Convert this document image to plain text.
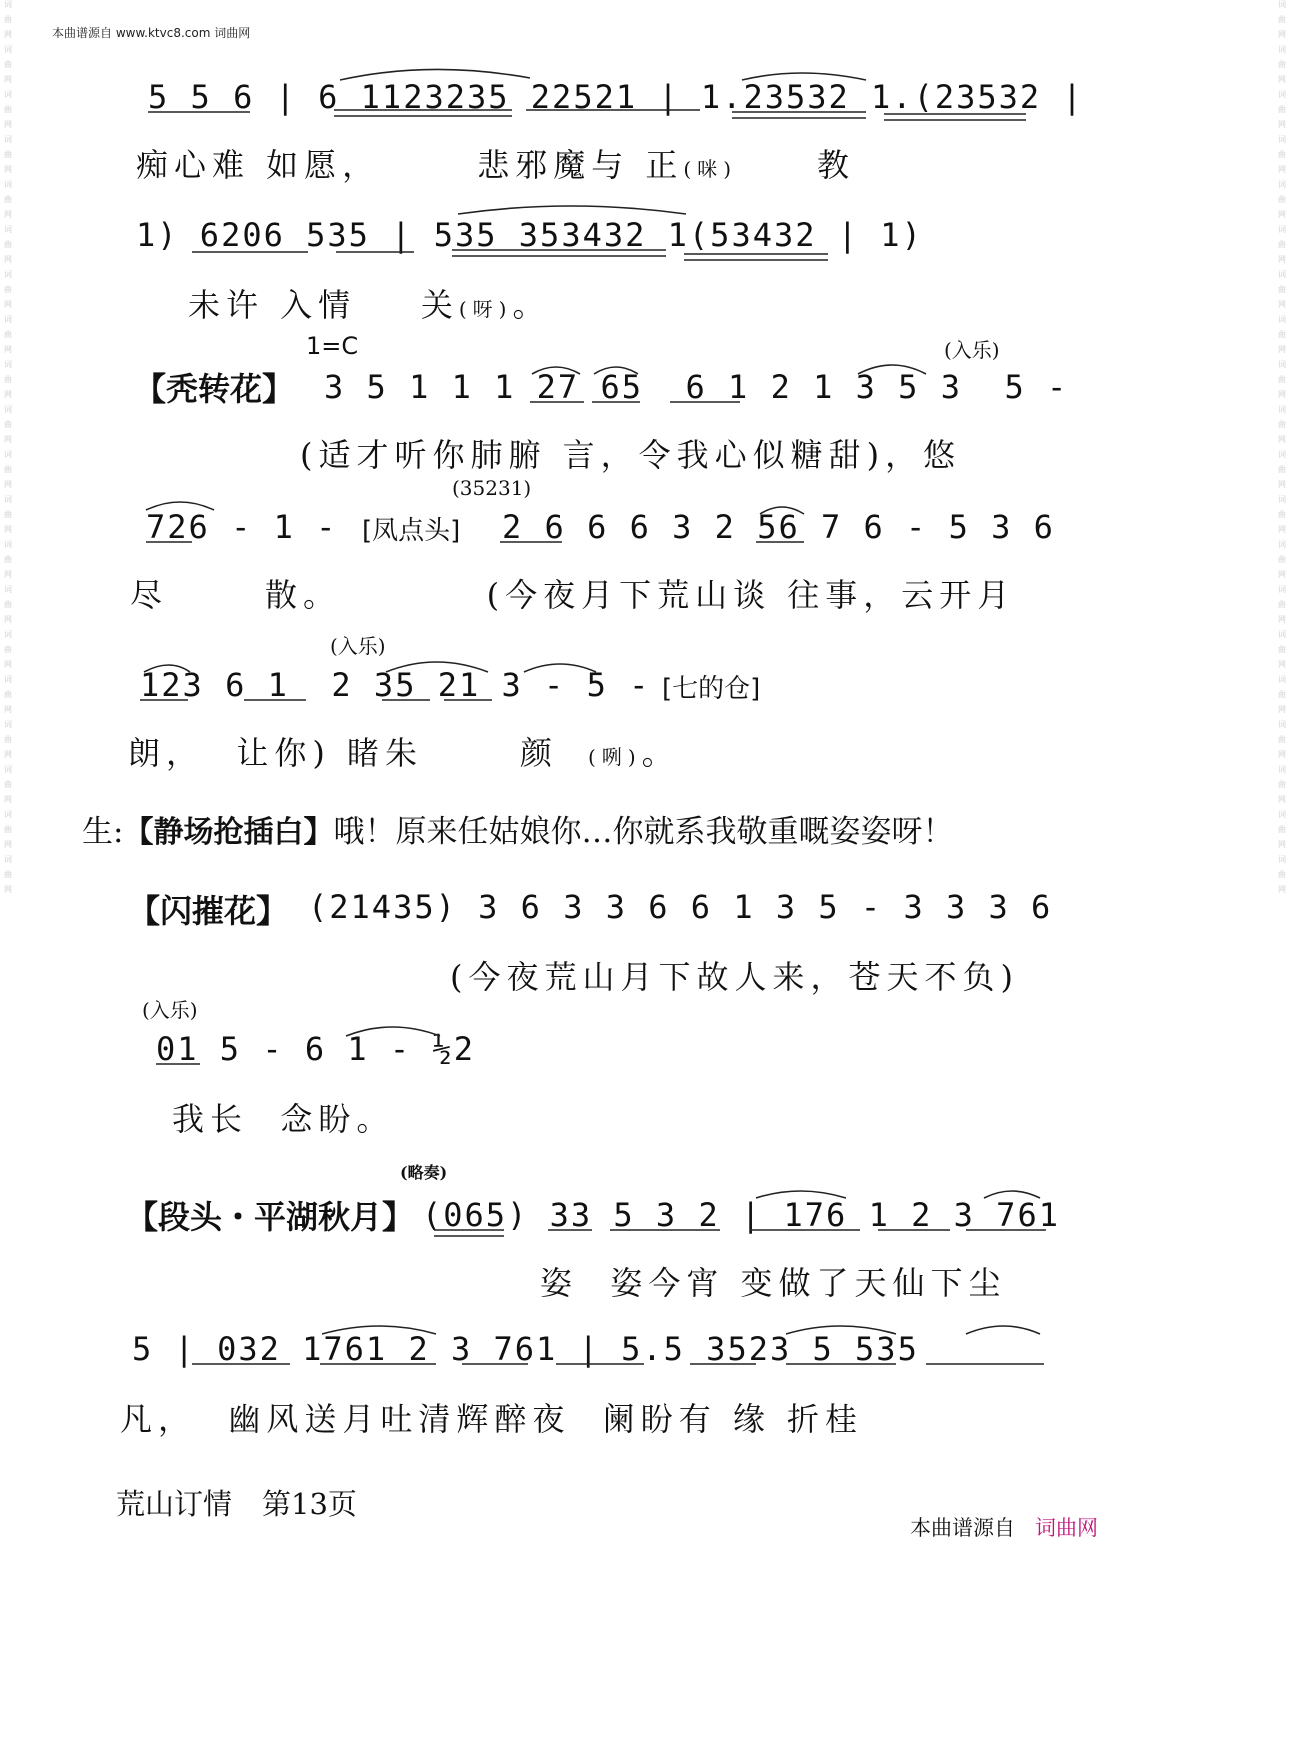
词
曲
网
词
曲
网
词
曲
网
词
曲
网
词
曲
网
词
曲
网
词
曲
网
词
曲
网
词
曲
网
词
曲
网
词
曲
网
词
曲
网
词
曲
网
词
曲
网
词
曲
网
词
曲
网
词
曲
网
词
曲
网
词
曲
网
词
曲
网
词
曲
网
词
曲
网
词
曲
网
词
曲
网
词
曲
网
词
曲
网
词
曲
网
词
曲
网
词
曲
网
词
曲
网
词
曲
网
词
曲
网
词
曲
网
词
曲
网
词
曲
网
词
曲
网
词
曲
网
词
曲
网
词
曲
网
词
曲
网
本曲谱源自 www.ktvc8.com 词曲网
5 5 6 | 6 1123235 22521 | 1.23532 1.(23532 |
痴心难 如愿，      悲邪魔与 正(咪)	教
1) 6206 535 | 535 353432 1(53432 | 1)
未许 入情    关(呀)。
1=C	(入乐)
【秃转花】 3 5 1 1 1 27 65  6 1 2 1 3 5 3  5 -
(适才听你肺腑 言，令我心似糖甜)，悠
(35231)
726 - 1 - [凤点头] 2 6 6 6 3 2 56 7 6 - 5 3 6
尽      散。         (今夜月下荒山谈 往事，云开月
(入乐)
123 6 1  2 35 21 3 - 5 - [七的仓]
朗，  让你) 睹朱      颜 (咧)。
生:【静场抢插白】哦！原来任姑娘你…你就系我敬重嘅姿姿呀！
【闪摧花】 (21435) 3 6 3 3 6 6 1 3 5 - 3 3 3 6
(今夜荒山月下故人来，苍天不负)
(入乐)
01 5 - 6 1 - ½2
我长  念盼。
(略奏)
【段头・平湖秋月】 (065) 33 5 3 2 | 176 1 2 3 761
姿  姿今宵 变做了天仙下尘
5 | 032 1761 2 3 761 | 5.5 3523 5 535
凡，  幽风送月吐清辉醉夜  阑盼有 缘 折桂
荒山订情 第13页
本曲谱源自 词曲网
